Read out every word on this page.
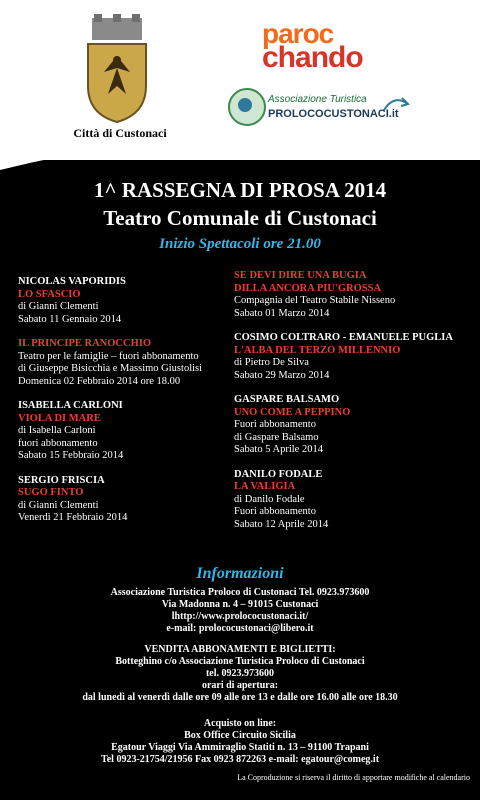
Città di Custonaci
paroc
chando
Associazione Turistica
PROLOCOCUSTONACI.it
1^ RASSEGNA DI PROSA 2014
Teatro Comunale di Custonaci
Inizio Spettacoli ore 21.00
NICOLAS VAPORIDIS
LO SFASCIO
di Gianni Clementi
Sabato 11 Gennaio 2014
IL PRINCIPE RANOCCHIO
Teatro per le famiglie – fuori abbonamento
di Giuseppe Bisicchia e Massimo Giustolisi
Domenica 02 Febbraio 2014 ore 18.00
ISABELLA CARLONI
VIOLA DI MARE
di Isabella Carloni
fuori abbonamento
Sabato 15 Febbraio 2014
SERGIO FRISCIA
SUGO FINTO
di Gianni Clementi
Venerdì 21 Febbraio 2014
SE DEVI DIRE UNA BUGIA
DILLA ANCORA PIU'GROSSA
Compagnia del Teatro Stabile Nisseno
Sabato 01 Marzo 2014
COSIMO COLTRARO - EMANUELE PUGLIA
L'ALBA DEL TERZO MILLENNIO
di Pietro De Silva
Sabato 29 Marzo 2014
GASPARE BALSAMO
UNO COME A PEPPINO
Fuori abbonamento
di Gaspare Balsamo
Sabato 5 Aprile 2014
DANILO FODALE
LA VALIGIA
di Danilo Fodale
Fuori abbonamento
Sabato 12 Aprile 2014
Informazioni
Associazione Turistica Proloco di Custonaci Tel. 0923.973600
Via Madonna n. 4 – 91015 Custonaci
lhttp://www.prolococustonaci.it/
e-mail: prolococustonaci@libero.it
VENDITA ABBONAMENTI E BIGLIETTI:
Botteghino c/o Associazione Turistica Proloco di Custonaci
tel. 0923.973600
orari di apertura:
dal lunedì al venerdì dalle ore 09 alle ore 13 e dalle ore 16.00 alle ore 18.30
Acquisto on line:
Box Office Circuito Sicilia
Egatour Viaggi Via Ammiraglio Statiti n. 13 – 91100 Trapani
Tel 0923-21754/21956 Fax 0923 872263 e-mail: egatour@comeg.it
La Coproduzione si riserva il diritto di apportare modifiche al calendario
